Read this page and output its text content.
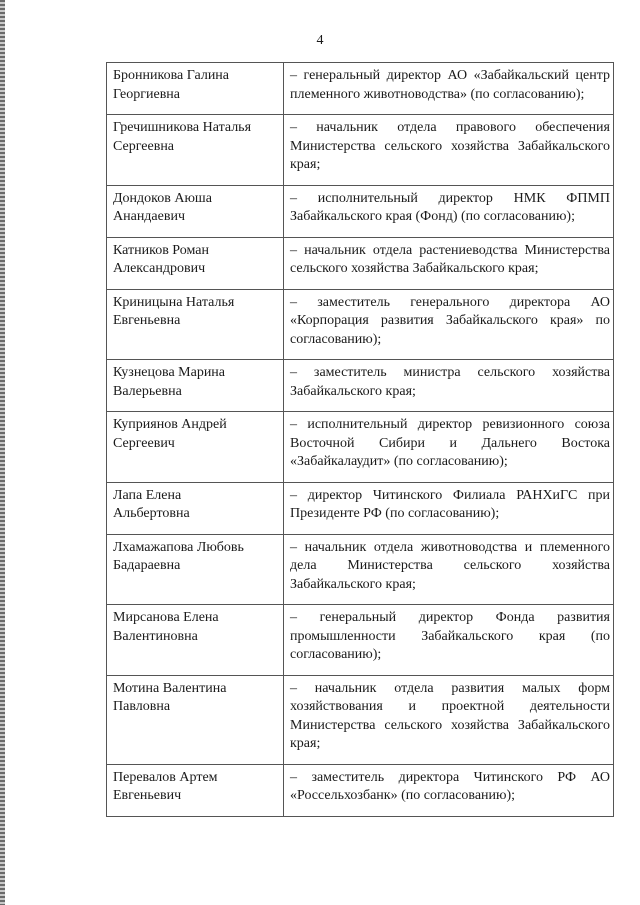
4
Бронникова Галина
Георгиевна	– генеральный директор АО «Забайкальский центр племенного животноводства» (по согласованию);

Гречишникова Наталья
Сергеевна	– начальник отдела правового обеспечения Министерства сельского хозяйства Забайкальского края;

Дондоков Аюша
Анандаевич	– исполнительный директор НМК ФПМП Забайкальского края (Фонд) (по согласованию);

Катников Роман
Александрович	– начальник отдела растениеводства Министерства сельского хозяйства Забайкальского края;

Криницына Наталья
Евгеньевна	– заместитель генерального директора АО «Корпорация развития Забайкальского края» по согласованию);

Кузнецова Марина
Валерьевна	– заместитель министра сельского хозяйства Забайкальского края;

Куприянов Андрей
Сергеевич	– исполнительный директор ревизионного союза Восточной Сибири и Дальнего Востока «Забайкалаудит» (по согласованию);

Лапа Елена
Альбертовна	– директор Читинского Филиала РАНХиГС при Президенте РФ (по согласованию);

Лхамажапова Любовь
Бадараевна	– начальник отдела животноводства и племенного дела Министерства сельского хозяйства Забайкальского края;

Мирсанова Елена
Валентиновна	– генеральный директор Фонда развития промышленности Забайкальского края (по согласованию);

Мотина Валентина
Павловна	– начальник отдела развития малых форм хозяйствования и проектной деятельности Министерства сельского хозяйства Забайкальского края;

Перевалов Артем
Евгеньевич	– заместитель директора Читинского РФ АО «Россельхозбанк» (по согласованию);
